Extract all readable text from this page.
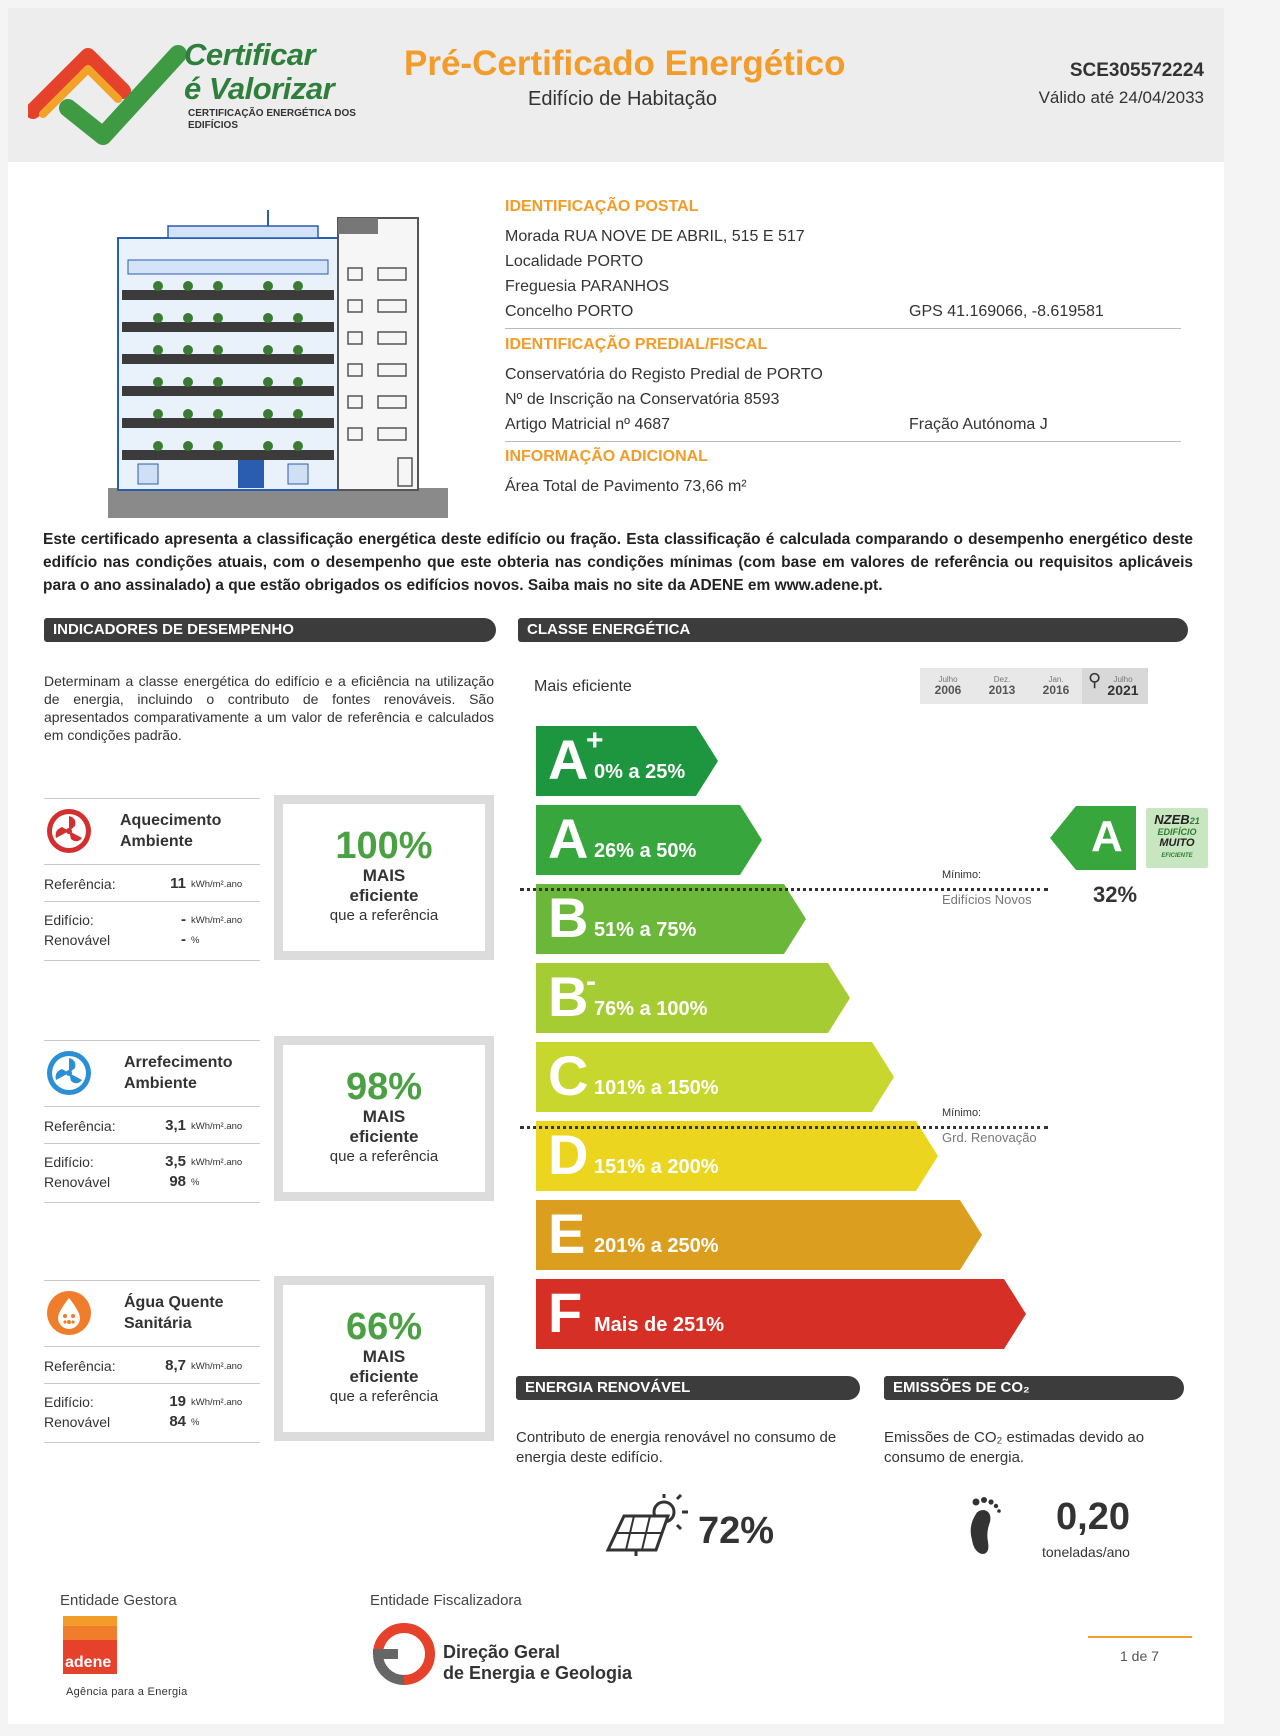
Certificar
é Valorizar
CERTIFICAÇÃO ENERGÉTICA DOS EDIFÍCIOS
Pré-Certificado Energético
Edifício de Habitação
SCE305572224
Válido até 24/04/2033
IDENTIFICAÇÃO POSTAL
Morada RUA NOVE DE ABRIL, 515 E 517
Localidade PORTO
Freguesia PARANHOS
Concelho PORTO	GPS 41.169066, -8.619581
IDENTIFICAÇÃO PREDIAL/FISCAL
Conservatória do Registo Predial de PORTO
Nº de Inscrição na Conservatória 8593
Artigo Matricial nº 4687	Fração Autónoma J
INFORMAÇÃO ADICIONAL
Área Total de Pavimento 73,66 m²
Este certificado apresenta a classificação energética deste edifício ou fração. Esta classificação é calculada comparando o desempenho energético deste edifício nas condições atuais, com o desempenho que este obteria nas condições mínimas (com base em valores de referência ou requisitos aplicáveis para o ano assinalado) a que estão obrigados os edifícios novos. Saiba mais no site da ADENE em www.adene.pt.
INDICADORES DE DESEMPENHO
Determinam a classe energética do edifício e a eficiência na utilização de energia, incluindo o contributo de fontes renováveis. São apresentados comparativamente a um valor de referência e calculados em condições padrão.
Aquecimento
Ambiente
Referência:	11 kWh/m².ano
Edifício:	- kWh/m².ano
Renovável	- %
100%
MAIS
eficiente
que a referência
Arrefecimento
Ambiente
Referência:	3,1 kWh/m².ano
Edifício:	3,5 kWh/m².ano
Renovável	98 %
98%
MAIS
eficiente
que a referência
Água Quente
Sanitária
Referência:	8,7 kWh/m².ano
Edifício:	19 kWh/m².ano
Renovável	84 %
66%
MAIS
eficiente
que a referência
CLASSE ENERGÉTICA
Mais eficiente	Julho
2006
Dez.
2013
Jan.
2016	⚲ Julho
2021
A
+
0% a 25%
A 26% a 50%
B 51% a 75%
B
-
76% a 100%
C 101% a 150%
D 151% a 200%
E 201% a 250%
F Mais de 251%
Mínimo:
Edifícios Novos
Mínimo:
Grd. Renovação
A	NZEB21
EDIFÍCIO
MUITO
EFICIENTE
32%
ENERGIA RENOVÁVEL
Contributo de energia renovável no consumo de energia deste edifício.
72%
EMISSÕES DE CO₂
Emissões de CO₂ estimadas devido ao consumo de energia.
0,20
toneladas/ano
Entidade Gestora
adene
Agência para a Energia
Entidade Fiscalizadora
Direção Geral
de Energia e Geologia
1 de 7
